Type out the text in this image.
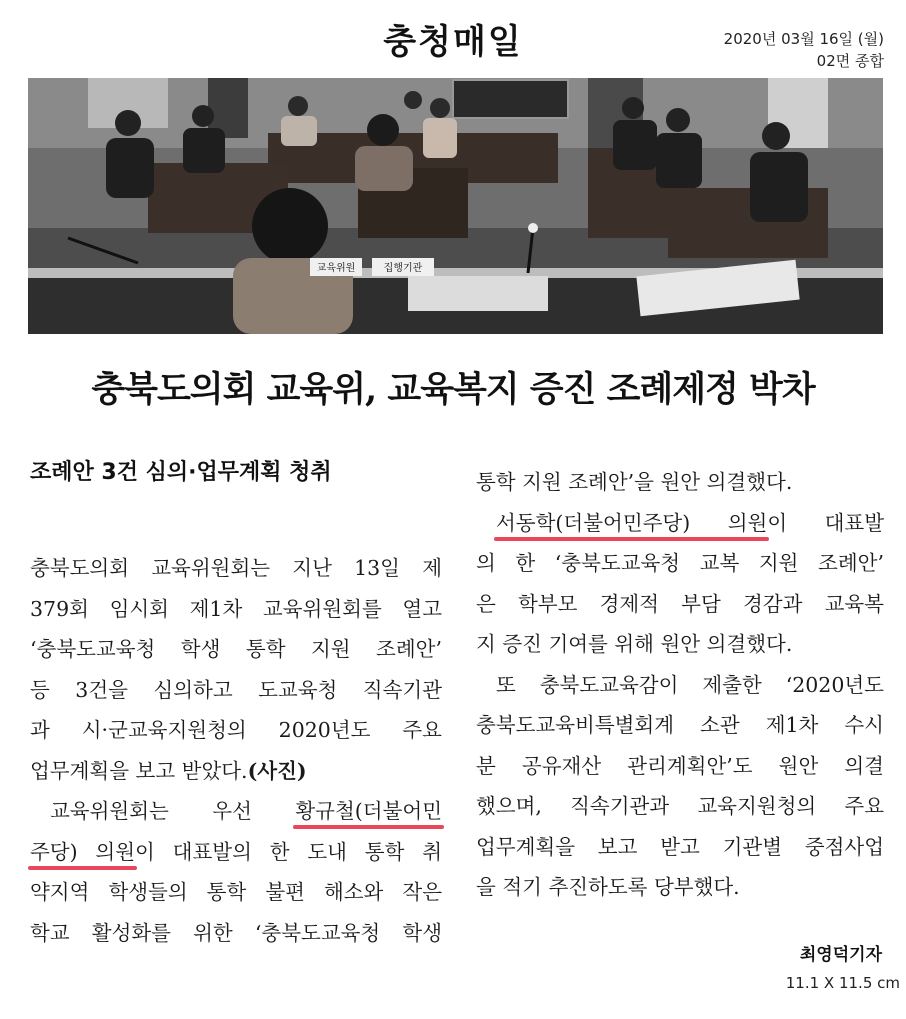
충청매일	2020년 03월 16일 (월)
02면 종합
교육위원	집행기관
충북도의회 교육위, 교육복지 증진 조례제정 박차
조례안 3건 심의·업무계획 청취
충북도의회 교육위원회는 지난 13일 제
379회 임시회 제1차 교육위원회를 열고
‘충북도교육청 학생 통학 지원 조례안’
등 3건을 심의하고 도교육청 직속기관
과 시·군교육지원청의 2020년도 주요
업무계획을 보고 받았다.(사진)
교육위원회는 우선 황규철(더불어민
주당) 의원이 대표발의 한 도내 통학 취
약지역 학생들의 통학 불편 해소와 작은
학교 활성화를 위한 ‘충북도교육청 학생
통학 지원 조례안’을 원안 의결했다.
서동학(더불어민주당) 의원이 대표발
의 한 ‘충북도교육청 교복 지원 조례안’
은 학부모 경제적 부담 경감과 교육복
지 증진 기여를 위해 원안 의결했다.
또 충북도교육감이 제출한 ‘2020년도
충북도교육비특별회계 소관 제1차 수시
분 공유재산 관리계획안’도 원안 의결
했으며, 직속기관과 교육지원청의 주요
업무계획을 보고 받고 기관별 중점사업
을 적기 추진하도록 당부했다.
최영덕기자
11.1 X 11.5 cm
